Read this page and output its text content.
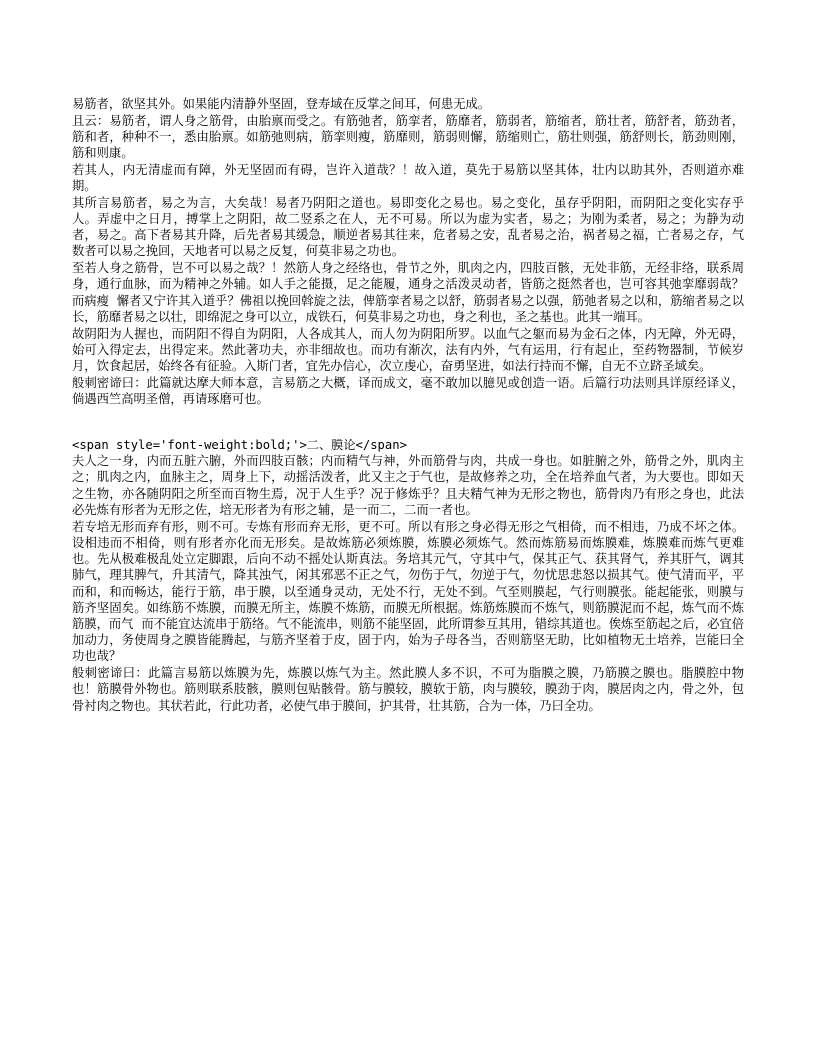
易筋者，欲坚其外。如果能内清静外坚固，登寿域在反掌之间耳，何患无成。

且云：易筋者，谓人身之筋骨，由胎禀而受之。有筋弛者，筋挛者，筋靡者，筋弱者，筋缩者，筋壮者，筋舒者，筋劲者，筋和者，种种不一，悉由胎禀。如筋弛则病，筋挛则瘦，筋靡则，筋弱则懈，筋缩则亡，筋壮则强，筋舒则长，筋劲则刚，筋和则康。

若其人，内无清虚而有障，外无坚固而有碍，岂许入道哉？！故入道，莫先于易筋以坚其体，壮内以助其外，否则道亦难期。

其所言易筋者，易之为言，大矣哉！易者乃阴阳之道也。易即变化之易也。易之变化，虽存乎阴阳，而阴阳之变化实存乎人。弄虚中之日月，搏掌上之阴阳，故二竖系之在人，无不可易。所以为虚为实者，易之；为刚为柔者，易之；为静为动者，易之。高下者易其升降，后先者易其缓急，顺逆者易其往来，危者易之安，乱者易之治，祸者易之福，亡者易之存，气数者可以易之挽回，天地者可以易之反复，何莫非易之功也。

至若人身之筋骨，岂不可以易之哉？！然筋人身之经络也，骨节之外，肌肉之内，四肢百骸，无处非筋，无经非络，联系周身，通行血脉，而为精神之外辅。如人手之能摄，足之能履，通身之活泼灵动者，皆筋之挺然者也，岂可容其弛挛靡弱哉？而病瘦  懈者又宁许其入道乎？佛祖以挽回斡旋之法，俾筋挛者易之以舒，筋弱者易之以强，筋弛者易之以和，筋缩者易之以长，筋靡者易之以壮，即绵泥之身可以立，成铁石，何莫非易之功也，身之利也，圣之基也。此其一端耳。

故阴阳为人握也，而阴阳不得自为阴阳，人各成其人，而人勿为阴阳所罗。以血气之躯而易为金石之体，内无障，外无碍，始可入得定去，出得定来。然此著功夫，亦非细故也。而功有渐次，法有内外，气有运用，行有起止，至药物器制，节候岁月，饮食起居，始终各有征验。入斯门者，宜先办信心，次立虔心，奋勇坚进，如法行持而不懈，自无不立跻圣域矣。

般刺密谛曰：此篇就达摩大师本意，言易筋之大概，译而成文，毫不敢加以臆见或创造一语。后篇行功法则具详原经译义，倘遇西竺高明圣僧，再请琢磨可也。

<span style='font-weight:bold;'>二、膜论</span>

夫人之一身，内而五脏六腑，外而四肢百骸；内而精气与神，外而筋骨与肉，共成一身也。如脏腑之外，筋骨之外，肌肉主之；肌肉之内，血脉主之，周身上下，动摇活泼者，此又主之于气也，是故修养之功，全在培养血气者，为大要也。即如天之生物，亦各随阴阳之所至而百物生焉，况于人生乎？况于修炼乎？且夫精气神为无形之物也，筋骨肉乃有形之身也，此法必先炼有形者为无形之佐，培无形者为有形之辅，是一而二，二而一者也。

若专培无形而弃有形，则不可。专炼有形而弃无形，更不可。所以有形之身必得无形之气相倚，而不相违，乃成不坏之体。设相违而不相倚，则有形者亦化而无形矣。是故炼筋必须炼膜，炼膜必须炼气。然而炼筋易而炼膜难，炼膜难而炼气更难也。先从极难极乱处立定脚跟，后向不动不摇处认斯真法。务培其元气，守其中气，保其正气、获其肾气，养其肝气，调其肺气，理其脾气，升其清气，降其浊气，闲其邪恶不正之气，勿伤于气，勿逆于气，勿忧思悲怒以损其气。使气清而平，平而和，和而畅达，能行于筋，串于膜，以至通身灵动，无处不行，无处不到。气至则膜起，气行则膜张。能起能张，则膜与筋齐坚固矣。如练筋不炼膜，而膜无所主，炼膜不炼筋，而膜无所根据。炼筋炼膜而不炼气，则筋膜泥而不起，炼气而不炼筋膜，而气  而不能宜达流串于筋络。气不能流串，则筋不能坚固，此所谓参互其用，错综其道也。俟炼至筋起之后，必宜倍加动力，务使周身之膜皆能腾起，与筋齐坚着于皮，固于内，始为子母各当，否则筋坚无助，比如植物无土培养，岂能曰全功也哉？

般刺密谛曰：此篇言易筋以炼膜为先，炼膜以炼气为主。然此膜人多不识，不可为脂膜之膜，乃筋膜之膜也。脂膜腔中物也！筋膜骨外物也。筋则联系肢骸，膜则包贴骸骨。筋与膜较，膜软于筋，肉与膜较，膜劲于肉，膜居肉之内，骨之外，包骨衬肉之物也。其状若此，行此功者，必使气串于膜间，护其骨，壮其筋，合为一体，乃曰全功。
